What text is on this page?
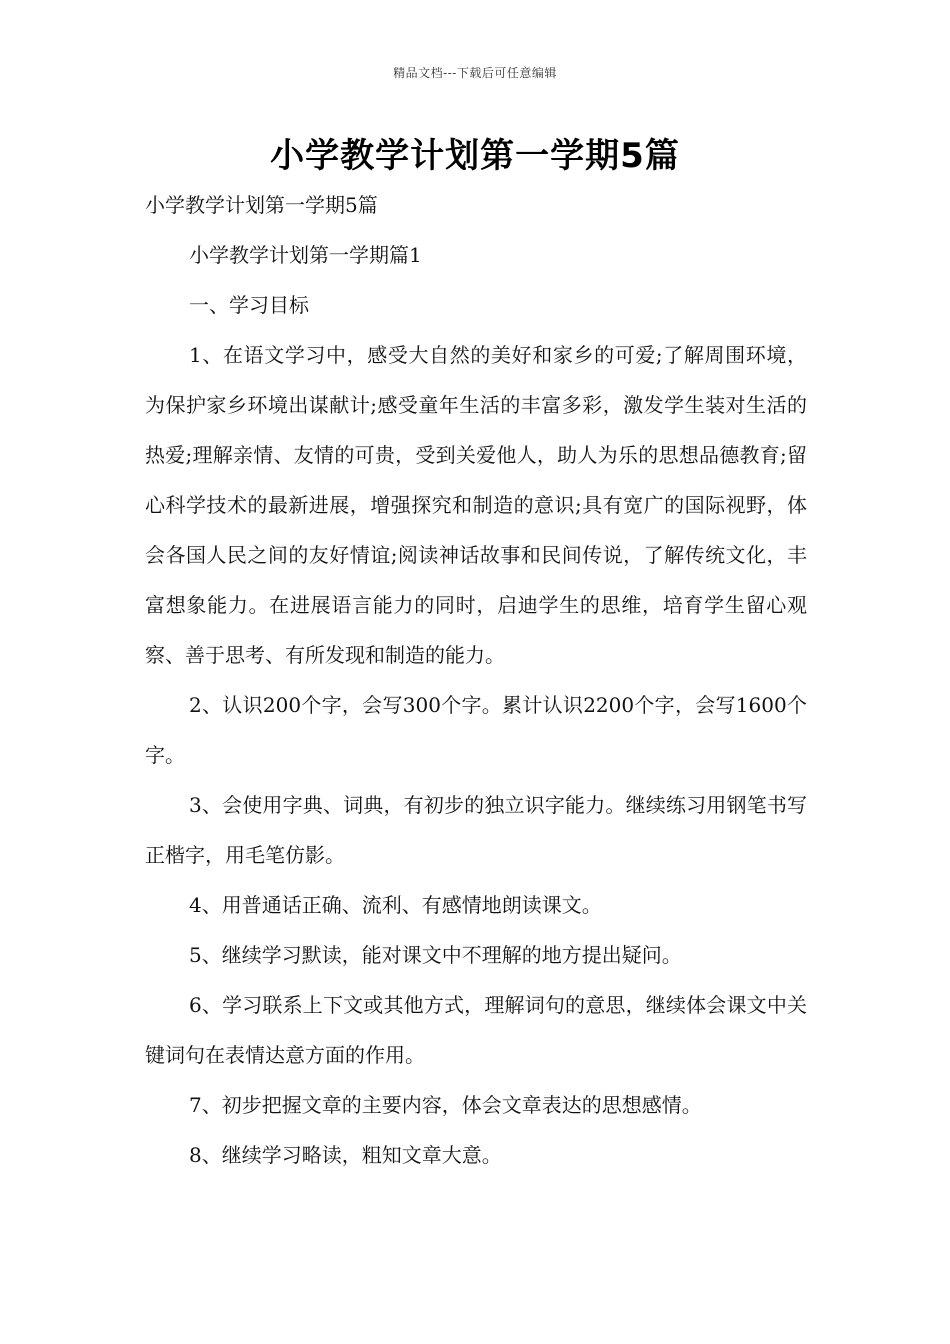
精品文档---下载后可任意编辑
小学教学计划第一学期5篇

小学教学计划第一学期5篇

小学教学计划第一学期篇1

一、学习目标

1、在语文学习中，感受大自然的美好和家乡的可爱;了解周围环境，为保护家乡环境出谋献计;感受童年生活的丰富多彩，激发学生装对生活的热爱;理解亲情、友情的可贵，受到关爱他人，助人为乐的思想品德教育;留心科学技术的最新进展，增强探究和制造的意识;具有宽广的国际视野，体会各国人民之间的友好情谊;阅读神话故事和民间传说，了解传统文化，丰富想象能力。在进展语言能力的同时，启迪学生的思维，培育学生留心观察、善于思考、有所发现和制造的能力。

2、认识200个字，会写300个字。累计认识2200个字，会写1600个字。

3、会使用字典、词典，有初步的独立识字能力。继续练习用钢笔书写正楷字，用毛笔仿影。

4、用普通话正确、流利、有感情地朗读课文。

5、继续学习默读，能对课文中不理解的地方提出疑问。

6、学习联系上下文或其他方式，理解词句的意思，继续体会课文中关键词句在表情达意方面的作用。

7、初步把握文章的主要内容，体会文章表达的思想感情。

8、继续学习略读，粗知文章大意。
